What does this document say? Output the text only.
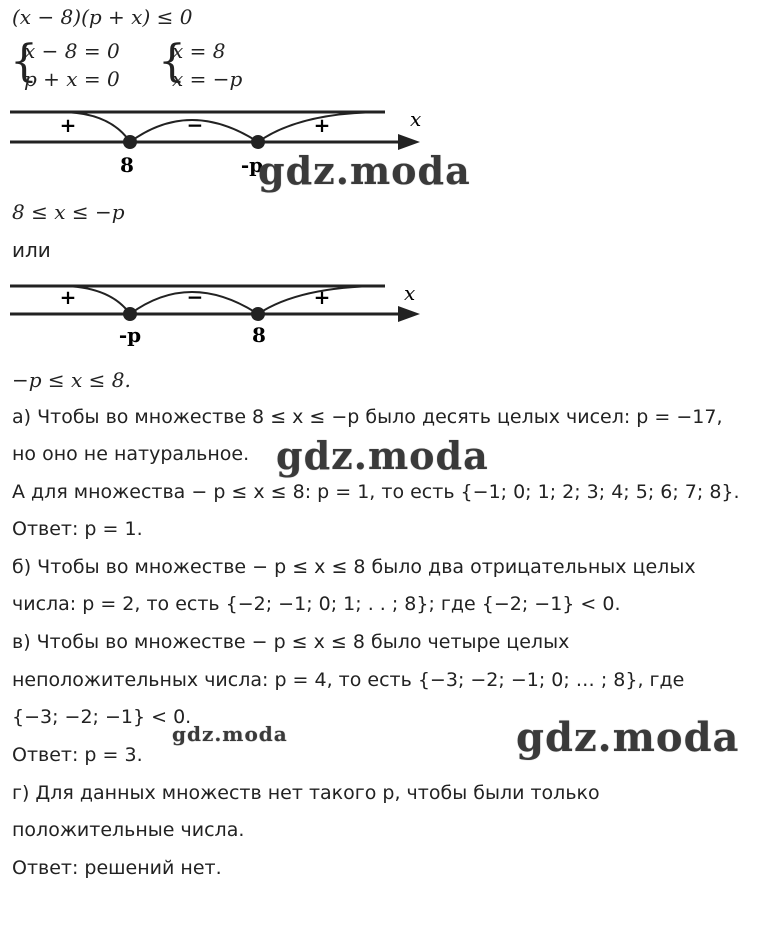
(x − 8)(p + x) ≤ 0
{
x − 8 = 0
p + x = 0 {
x = 8
x = −p
+	−	+	x
8	-p
gdz.moda
8 ≤ x ≤ −p
или
+	−	+	x
-p	8
−p ≤ x ≤ 8.
а) Чтобы во множестве 8 ≤ x ≤ −p было десять целых чисел: p = −17,
но оно не натуральное. gdz.moda
А для множества − p ≤ x ≤ 8: p = 1, то есть {−1; 0; 1; 2; 3; 4; 5; 6; 7; 8}.
Ответ: p = 1.
б) Чтобы во множестве − p ≤ x ≤ 8 было два отрицательных целых
числа: p = 2, то есть {−2; −1; 0; 1; . . ; 8}; где {−2; −1} < 0.
в) Чтобы во множестве − p ≤ x ≤ 8 было четыре целых
неположительных числа: p = 4, то есть {−3; −2; −1; 0; … ; 8}, где
{−3; −2; −1} < 0.
gdz.moda	gdz.moda
Ответ: p = 3.
г) Для данных множеств нет такого p, чтобы были только
положительные числа.
Ответ: решений нет.
